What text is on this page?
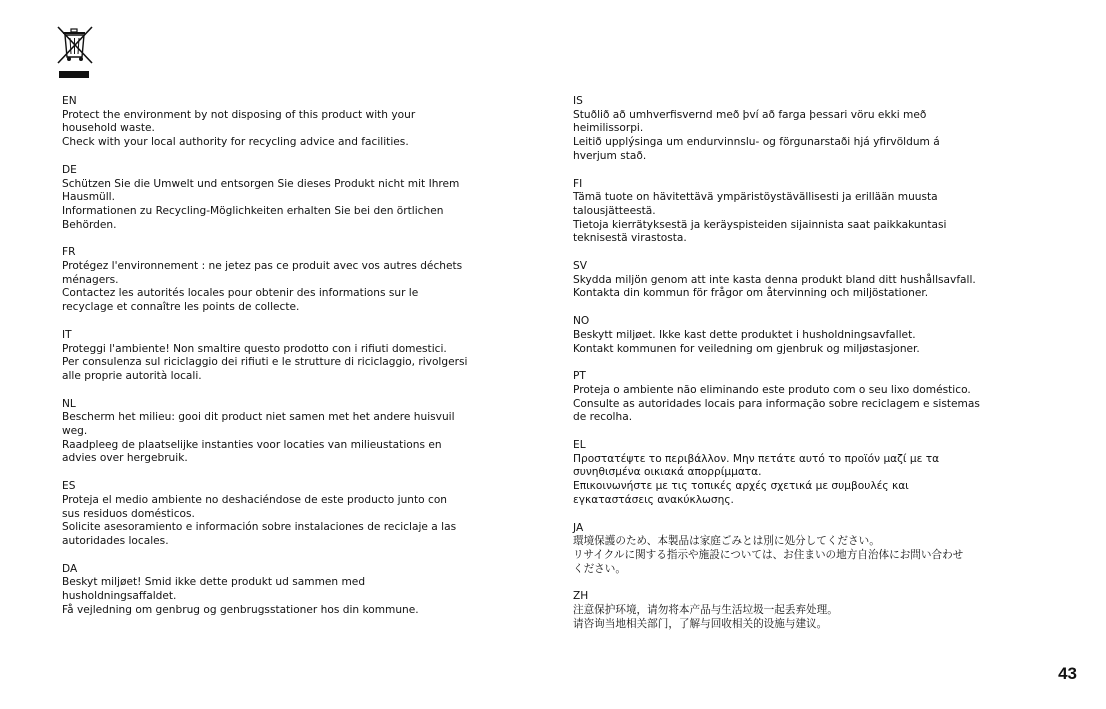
EN
Protect the environment by not disposing of this product with your
household waste.
Check with your local authority for recycling advice and facilities.
DE
Schützen Sie die Umwelt und entsorgen Sie dieses Produkt nicht mit Ihrem
Hausmüll.
Informationen zu Recycling-Möglichkeiten erhalten Sie bei den örtlichen
Behörden.
FR
Protégez l'environnement : ne jetez pas ce produit avec vos autres déchets
ménagers.
Contactez les autorités locales pour obtenir des informations sur le
recyclage et connaître les points de collecte.
IT
Proteggi l'ambiente! Non smaltire questo prodotto con i rifiuti domestici.
Per consulenza sul riciclaggio dei rifiuti e le strutture di riciclaggio, rivolgersi
alle proprie autorità locali.
NL
Bescherm het milieu: gooi dit product niet samen met het andere huisvuil
weg.
Raadpleeg de plaatselijke instanties voor locaties van milieustations en
advies over hergebruik.
ES
Proteja el medio ambiente no deshaciéndose de este producto junto con
sus residuos domésticos.
Solicite asesoramiento e información sobre instalaciones de reciclaje a las
autoridades locales.
DA
Beskyt miljøet! Smid ikke dette produkt ud sammen med
husholdningsaffaldet.
Få vejledning om genbrug og genbrugsstationer hos din kommune.
IS
Stuðlið að umhverfisvernd með því að farga þessari vöru ekki með
heimilissorpi.
Leitið upplýsinga um endurvinnslu- og förgunarstaði hjá yfirvöldum á
hverjum stað.
FI
Tämä tuote on hävitettävä ympäristöystävällisesti ja erillään muusta
talousjätteestä.
Tietoja kierrätyksestä ja keräyspisteiden sijainnista saat paikkakuntasi
teknisestä virastosta.
SV
Skydda miljön genom att inte kasta denna produkt bland ditt hushållsavfall.
Kontakta din kommun för frågor om återvinning och miljöstationer.
NO
Beskytt miljøet. Ikke kast dette produktet i husholdningsavfallet.
Kontakt kommunen for veiledning om gjenbruk og miljøstasjoner.
PT
Proteja o ambiente não eliminando este produto com o seu lixo doméstico.
Consulte as autoridades locais para informação sobre reciclagem e sistemas
de recolha.
EL
Προστατέψτε το περιβάλλον. Μην πετάτε αυτό το προϊόν μαζί με τα
συνηθισμένα οικιακά απορρίμματα.
Επικοινωνήστε με τις τοπικές αρχές σχετικά με συμβουλές και
εγκαταστάσεις ανακύκλωσης.
JA
環境保護のため、本製品は家庭ごみとは別に処分してください。
リサイクルに関する指示や施設については、お住まいの地方自治体にお問い合わせ
ください。
ZH
注意保护环境，请勿将本产品与生活垃圾一起丢弃处理。
请咨询当地相关部门，了解与回收相关的设施与建议。
43
